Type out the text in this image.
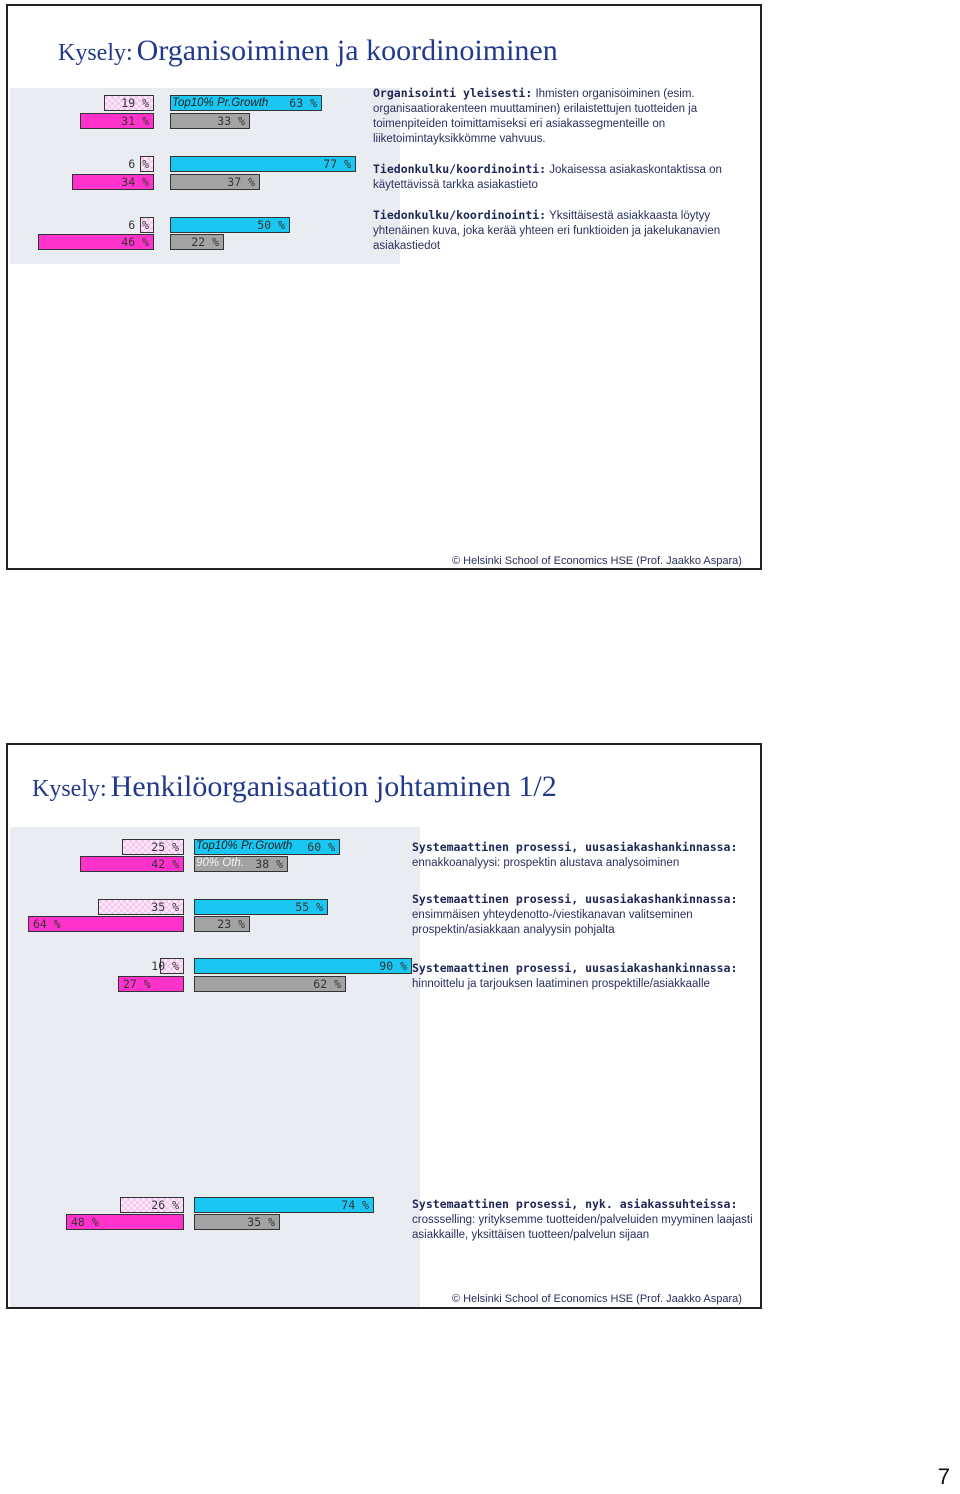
Kysely: Organisoiminen ja koordinoiminen
19 %
31 %
63 %
Top10% Pr.Growth
33 %
Organisointi yleisesti: Ihmisten organisoiminen (esim. organisaatiorakenteen muuttaminen) erilaistettujen tuotteiden ja toimenpiteiden toimittamiseksi eri asiakassegmenteille on liiketoimintayksikkömme vahvuus.
6 %
34 %
77 %
37 %
Tiedonkulku/koordinointi: Jokaisessa asiakaskontaktissa on käytettävissä tarkka asiakastieto
6 %
46 %
50 %
22 %
Tiedonkulku/koordinointi: Yksittäisestä asiakkaasta löytyy yhtenäinen kuva, joka kerää yhteen eri funktioiden ja jakelukanavien asiakastiedot
© Helsinki School of Economics HSE (Prof. Jaakko Aspara)
Kysely: Henkilöorganisaation johtaminen 1/2
25 %
42 %
60 %
Top10% Pr.Growth
38 %
90% Oth.
Systemaattinen prosessi, uusasiakashankinnassa:
ennakkoanalyysi: prospektin alustava analysoiminen
35 %
64 %
55 %
23 %
Systemaattinen prosessi, uusasiakashankinnassa:
ensimmäisen yhteydenotto-/viestikanavan valitseminen prospektin/asiakkaan analyysin pohjalta
10 %
27 %
90 %
62 %
Systemaattinen prosessi, uusasiakashankinnassa:
hinnoittelu ja tarjouksen laatiminen prospektille/asiakkaalle
26 %
48 %
74 %
35 %
Systemaattinen prosessi, nyk. asiakassuhteissa: crossselling: yrityksemme tuotteiden/palveluiden myyminen laajasti asiakkaille, yksittäisen tuotteen/palvelun sijaan
© Helsinki School of Economics HSE (Prof. Jaakko Aspara)
7
